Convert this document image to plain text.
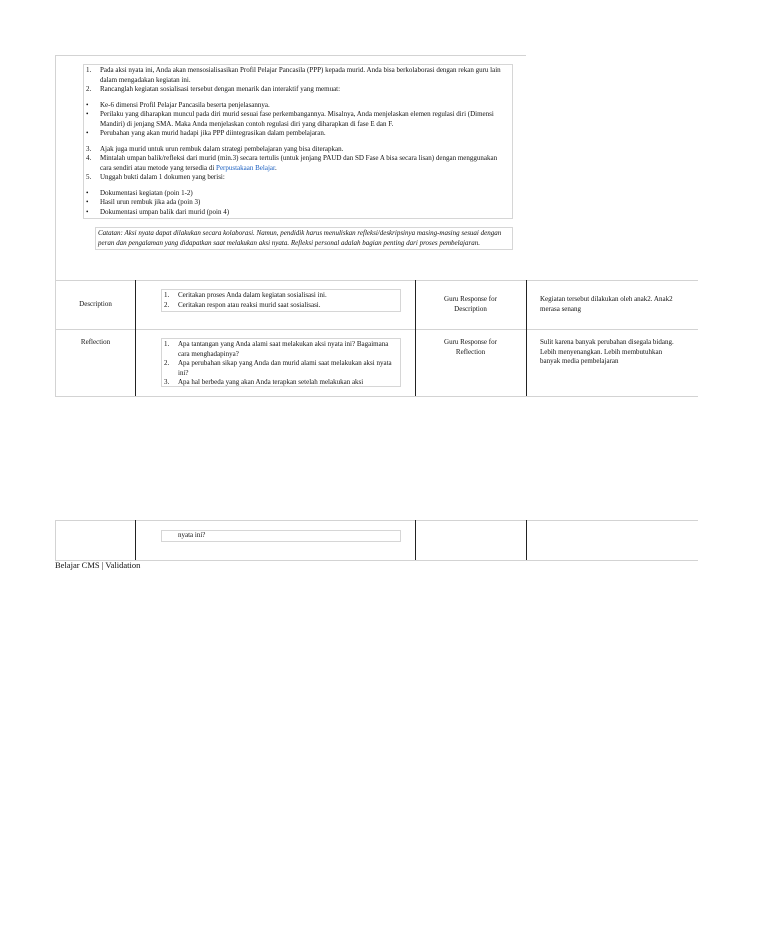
1. Pada aksi nyata ini, Anda akan mensosialisasikan Profil Pelajar Pancasila (PPP) kepada murid. Anda bisa berkolaborasi dengan rekan guru lain dalam mengadakan kegiatan ini.
2. Rancanglah kegiatan sosialisasi tersebut dengan menarik dan interaktif yang memuat:
• Ke-6 dimensi Profil Pelajar Pancasila beserta penjelasannya.
• Perilaku yang diharapkan muncul pada diri murid sesuai fase perkembangannya. Misalnya, Anda menjelaskan elemen regulasi diri (Dimensi Mandiri) di jenjang SMA. Maka Anda menjelaskan contoh regulasi diri yang diharapkan di fase E dan F.
• Perubahan yang akan murid hadapi jika PPP diintegrasikan dalam pembelajaran.
3. Ajak juga murid untuk urun rembuk dalam strategi pembelajaran yang bisa diterapkan.
4. Mintalah umpan balik/refleksi dari murid (min.3) secara tertulis (untuk jenjang PAUD dan SD Fase A bisa secara lisan) dengan menggunakan cara sendiri atau metode yang tersedia di Perpustakaan Belajar.
5. Unggah bukti dalam 1 dokumen yang berisi:
• Dokumentasi kegiatan (poin 1-2)
• Hasil urun rembuk jika ada (poin 3)
• Dokumentasi umpan balik dari murid (poin 4)
Catatan: Aksi nyata dapat dilakukan secara kolaborasi. Namun, pendidik harus menuliskan refleksi/deskripsinya masing-masing sesuai dengan peran dan pengalaman yang didapatkan saat melakukan aksi nyata. Refleksi personal adalah bagian penting dari proses pembelajaran.
Description
1. Ceritakan proses Anda dalam kegiatan sosialisasi ini.
2. Ceritakan respon atau reaksi murid saat sosialisasi.
Guru Response for Description
Kegiatan tersebut dilakukan oleh anak2. Anak2 merasa senang
Reflection	1. Apa tantangan yang Anda alami saat melakukan aksi nyata ini? Bagaimana cara menghadapinya?
2. Apa perubahan sikap yang Anda dan murid alami saat melakukan aksi nyata ini?
3. Apa hal berbeda yang akan Anda terapkan setelah melakukan aksi
Guru Response for Reflection
Sulit karena banyak perubahan disegala bidang. Lebih menyenangkan. Lebih membutuhkan banyak media pembelajaran
nyata ini?
Belajar CMS | Validation
